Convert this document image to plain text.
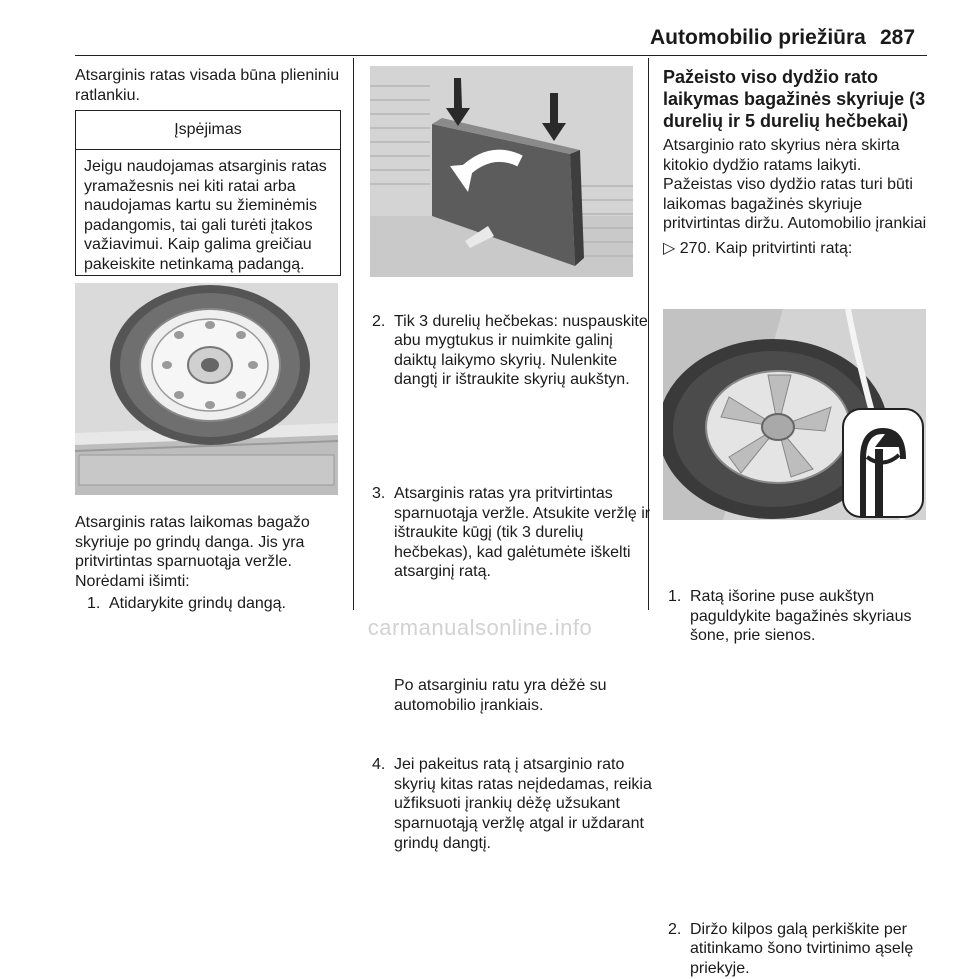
Automobilio priežiūra 287
Atsarginis ratas visada būna plieniniu ratlankiu.
Įspėjimas
Jeigu naudojamas atsarginis ratas yramažesnis nei kiti ratai arba naudojamas kartu su žieminėmis padangomis, tai gali turėti įtakos važiavimui. Kaip galima greičiau pakeiskite netinkamą padangą.
Atsarginis ratas laikomas bagažo skyriuje po grindų danga. Jis yra pritvirtintas sparnuotąja veržle.
Norėdami išimti:
1. Atidarykite grindų dangą.
2. Tik 3 durelių hečbekas: nuspauskite abu mygtukus ir nuimkite galinį daiktų laikymo skyrių. Nulenkite dangtį ir ištraukite skyrių aukštyn.
3. Atsarginis ratas yra pritvirtintas sparnuotąja veržle. Atsukite veržlę ir ištraukite kūgį (tik 3 durelių hečbekas), kad galėtumėte iškelti atsarginį ratą.
Po atsarginiu ratu yra dėžė su automobilio įrankiais.
4. Jei pakeitus ratą į atsarginio rato skyrių kitas ratas neįdedamas, reikia užfiksuoti įrankių dėžę užsukant sparnuotąją veržlę atgal ir uždarant grindų dangtį.
Pažeisto viso dydžio rato laikymas bagažinės skyriuje (3 durelių ir 5 durelių hečbekai)
Atsarginio rato skyrius nėra skirta kitokio dydžio ratams laikyti.
Pažeistas viso dydžio ratas turi būti laikomas bagažinės skyriuje pritvirtintas diržu. Automobilio įrankiai ▷ 270. Kaip pritvirtinti ratą:
1. Ratą išorine puse aukštyn paguldykite bagažinės skyriaus šone, prie sienos.
2. Diržo kilpos galą perkiškite per atitinkamo šono tvirtinimo ąselę priekyje.
carmanualsonline.info
